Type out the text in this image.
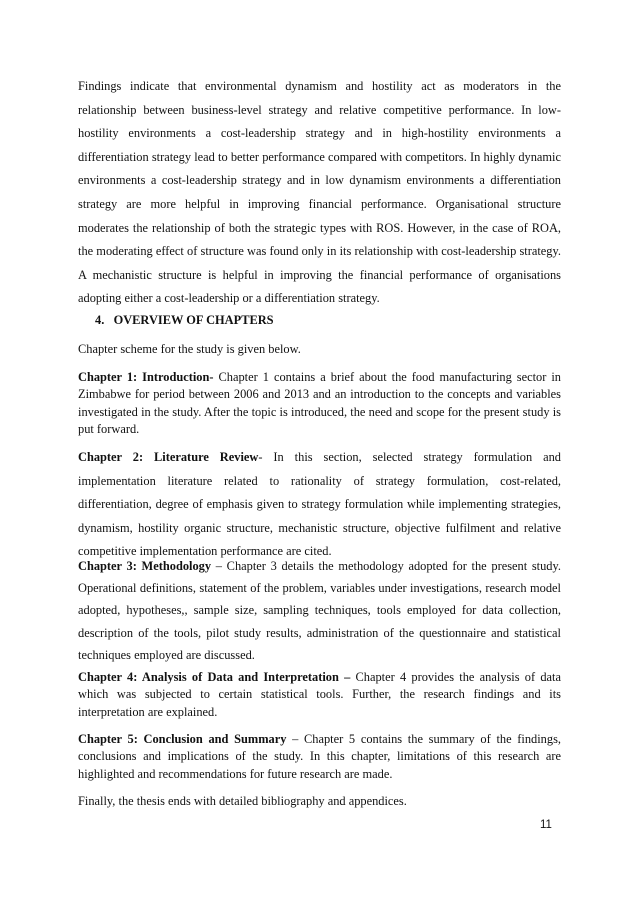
Findings indicate that environmental dynamism and hostility act as moderators in the relationship between business-level strategy and relative competitive performance. In low-hostility environments a cost-leadership strategy and in high-hostility environments a differentiation strategy lead to better performance compared with competitors. In highly dynamic environments a cost-leadership strategy and in low dynamism environments a differentiation strategy are more helpful in improving financial performance. Organisational structure moderates the relationship of both the strategic types with ROS. However, in the case of ROA, the moderating effect of structure was found only in its relationship with cost-leadership strategy. A mechanistic structure is helpful in improving the financial performance of organisations adopting either a cost-leadership or a differentiation strategy.

4.   OVERVIEW OF CHAPTERS

Chapter scheme for the study is given below.

Chapter 1: Introduction- Chapter 1 contains a brief about the food manufacturing sector in Zimbabwe for period between 2006 and 2013 and an introduction to the concepts and variables investigated in the study. After the topic is introduced, the need and scope for the present study is put forward.

Chapter 2: Literature Review- In this section, selected strategy formulation and implementation literature related to rationality of strategy formulation, cost-related, differentiation, degree of emphasis given to strategy formulation while implementing strategies, dynamism, hostility organic structure, mechanistic structure, objective fulfilment and relative competitive implementation performance are cited.

Chapter 3: Methodology – Chapter 3 details the methodology adopted for the present study. Operational definitions, statement of the problem, variables under investigations, research model adopted, hypotheses,, sample size, sampling techniques, tools employed for data collection, description of the tools, pilot study results, administration of the questionnaire and statistical techniques employed are discussed.

Chapter 4: Analysis of Data and Interpretation – Chapter 4 provides the analysis of data which was subjected to certain statistical tools. Further, the research findings and its interpretation are explained.

Chapter 5: Conclusion and Summary – Chapter 5 contains the summary of the findings, conclusions and implications of the study. In this chapter, limitations of this research are highlighted and recommendations for future research are made.

Finally, the thesis ends with detailed bibliography and appendices.

11
